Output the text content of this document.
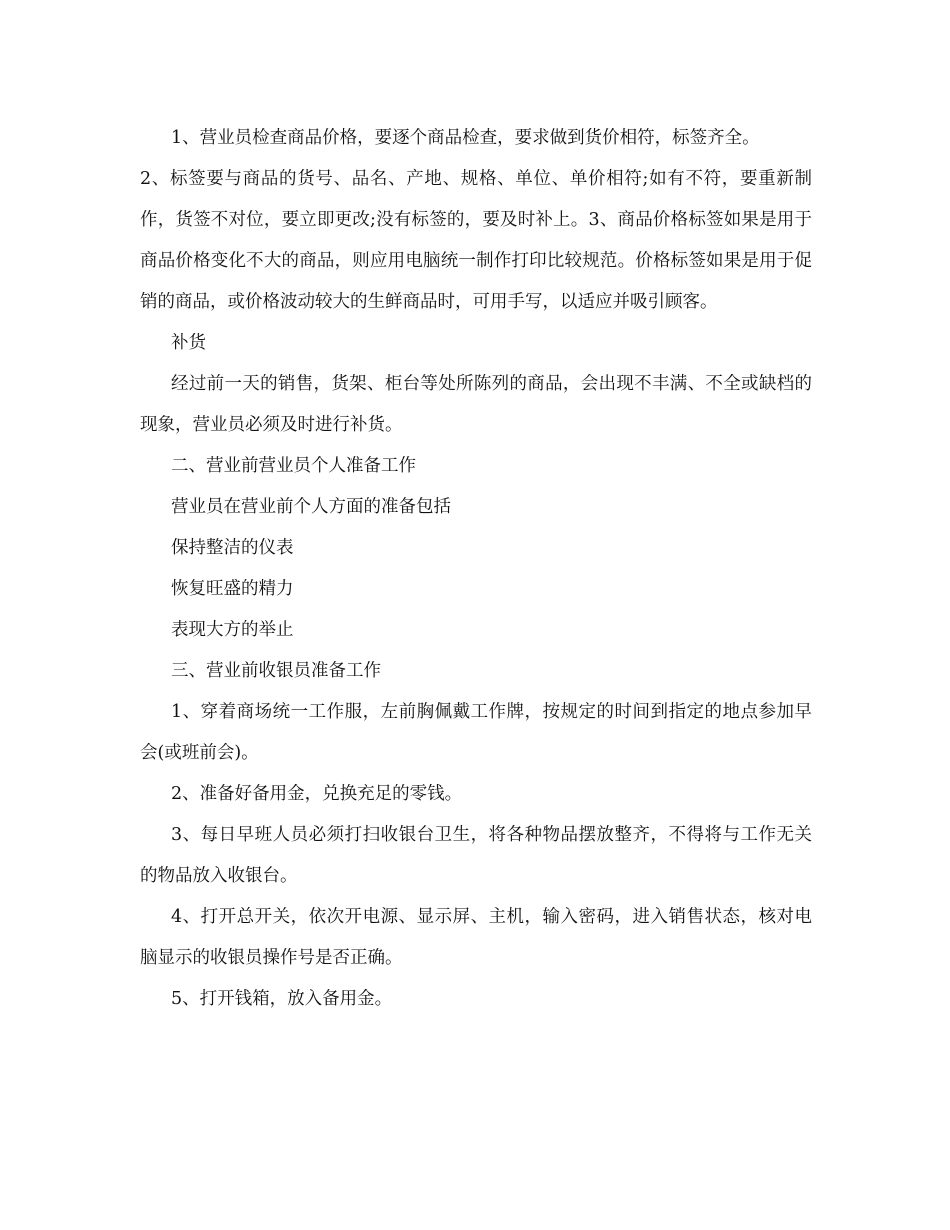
1、营业员检查商品价格，要逐个商品检查，要求做到货价相符，标签齐全。

2、标签要与商品的货号、品名、产地、规格、单位、单价相符;如有不符，要重新制作，货签不对位，要立即更改;没有标签的，要及时补上。3、商品价格标签如果是用于商品价格变化不大的商品，则应用电脑统一制作打印比较规范。价格标签如果是用于促销的商品，或价格波动较大的生鲜商品时，可用手写，以适应并吸引顾客。

补货

经过前一天的销售，货架、柜台等处所陈列的商品，会出现不丰满、不全或缺档的现象，营业员必须及时进行补货。

二、营业前营业员个人准备工作

营业员在营业前个人方面的准备包括

保持整洁的仪表

恢复旺盛的精力

表现大方的举止

三、营业前收银员准备工作

1、穿着商场统一工作服，左前胸佩戴工作牌，按规定的时间到指定的地点参加早会(或班前会)。

2、准备好备用金，兑换充足的零钱。

3、每日早班人员必须打扫收银台卫生，将各种物品摆放整齐，不得将与工作无关的物品放入收银台。

4、打开总开关，依次开电源、显示屏、主机，输入密码，进入销售状态，核对电脑显示的收银员操作号是否正确。

5、打开钱箱，放入备用金。
